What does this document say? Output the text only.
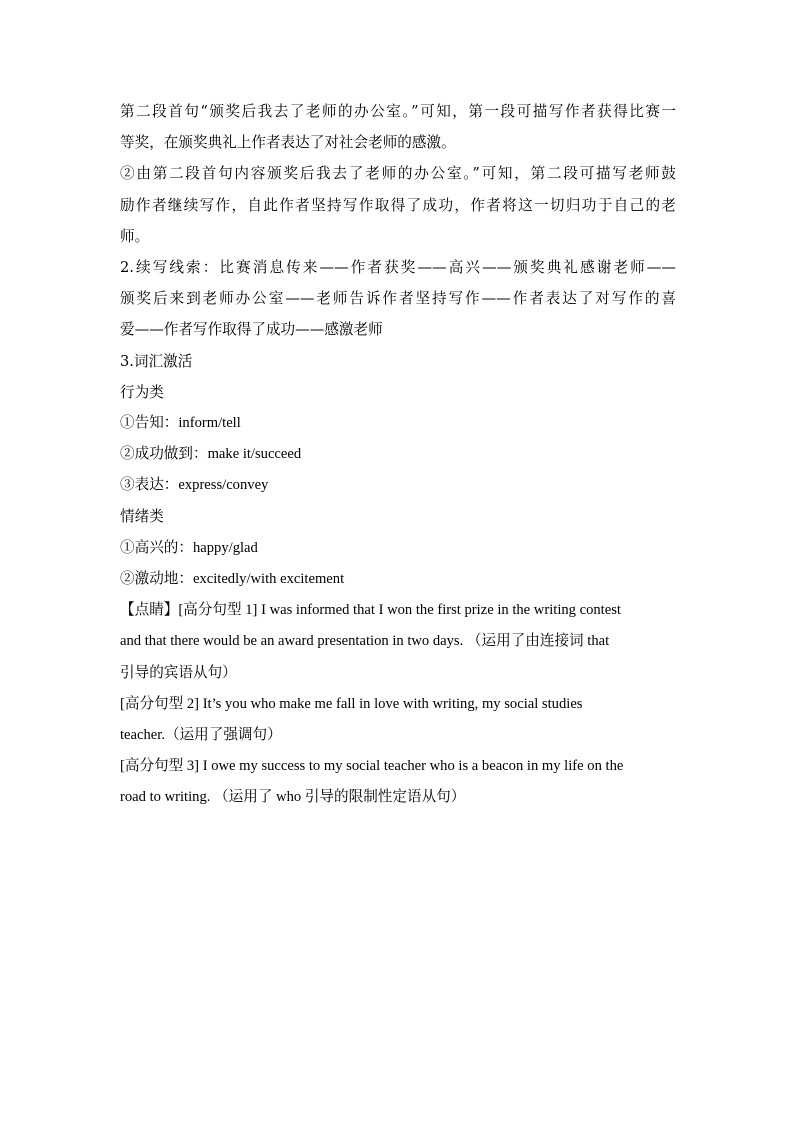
第二段首句“颁奖后我去了老师的办公室。”可知，第一段可描写作者获得比赛一

等奖，在颁奖典礼上作者表达了对社会老师的感激。

②由第二段首句内容颁奖后我去了老师的办公室。”可知，第二段可描写老师鼓

励作者继续写作，自此作者坚持写作取得了成功，作者将这一切归功于自己的老

师。

2.续写线索：比赛消息传来——作者获奖——高兴——颁奖典礼感谢老师——

颁奖后来到老师办公室——老师告诉作者坚持写作——作者表达了对写作的喜

爱——作者写作取得了成功——感激老师

3.词汇激活

行为类

①告知：inform/tell

②成功做到：make it/succeed

③表达：express/convey

情绪类

①高兴的：happy/glad

②激动地：excitedly/with excitement

【点睛】[高分句型 1] I was informed that I won the first prize in the writing contest

and that there would be an award presentation in two days. （运用了由连接词 that

引导的宾语从句）

[高分句型 2] It’s you who make me fall in love with writing, my social studies

teacher.（运用了强调句）

[高分句型 3] I owe my success to my social teacher who is a beacon in my life on the

road to writing. （运用了 who 引导的限制性定语从句）
